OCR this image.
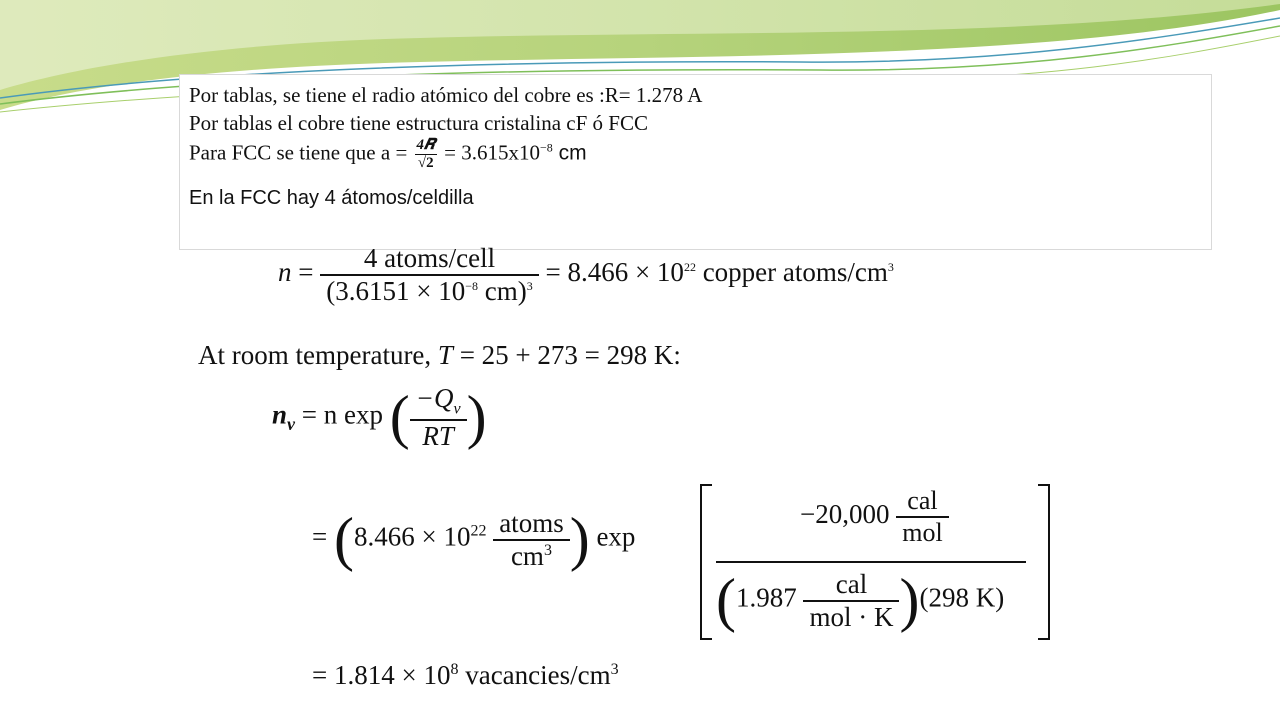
Por tablas, se tiene el radio atómico del cobre es :R= 1.278 A
Por tablas el cobre tiene estructura cristalina cF ó FCC
Para FCC se tiene que $a = \frac{\text{4𝑹}}{√2} = 3.615x10^{-8}$ cm
En la FCC hay 4 átomos/celdilla
$n = \frac{\text{4 atoms/cell}}{(3.6151 \times 10^{-8} cm)^3} = 8.466 \times 10^{22}$ copper atoms/$cm^3$
At room temperature, T = 25 + 273 = 298 K:
$n_v = n$ exp ( $\frac{-Q_v}{RT}$ )
= ($8.466 \times 10^{22} \frac{\text{atoms}}{cm^3}$ ) exp
$-20,000 \frac{\text{cal}}{\text{mol}}$
$(1.987 \frac{\text{cal}}{\text{mol · K}} )(298$ K)
= $1.814 \times 10^8$ vacancies/$cm^3$
